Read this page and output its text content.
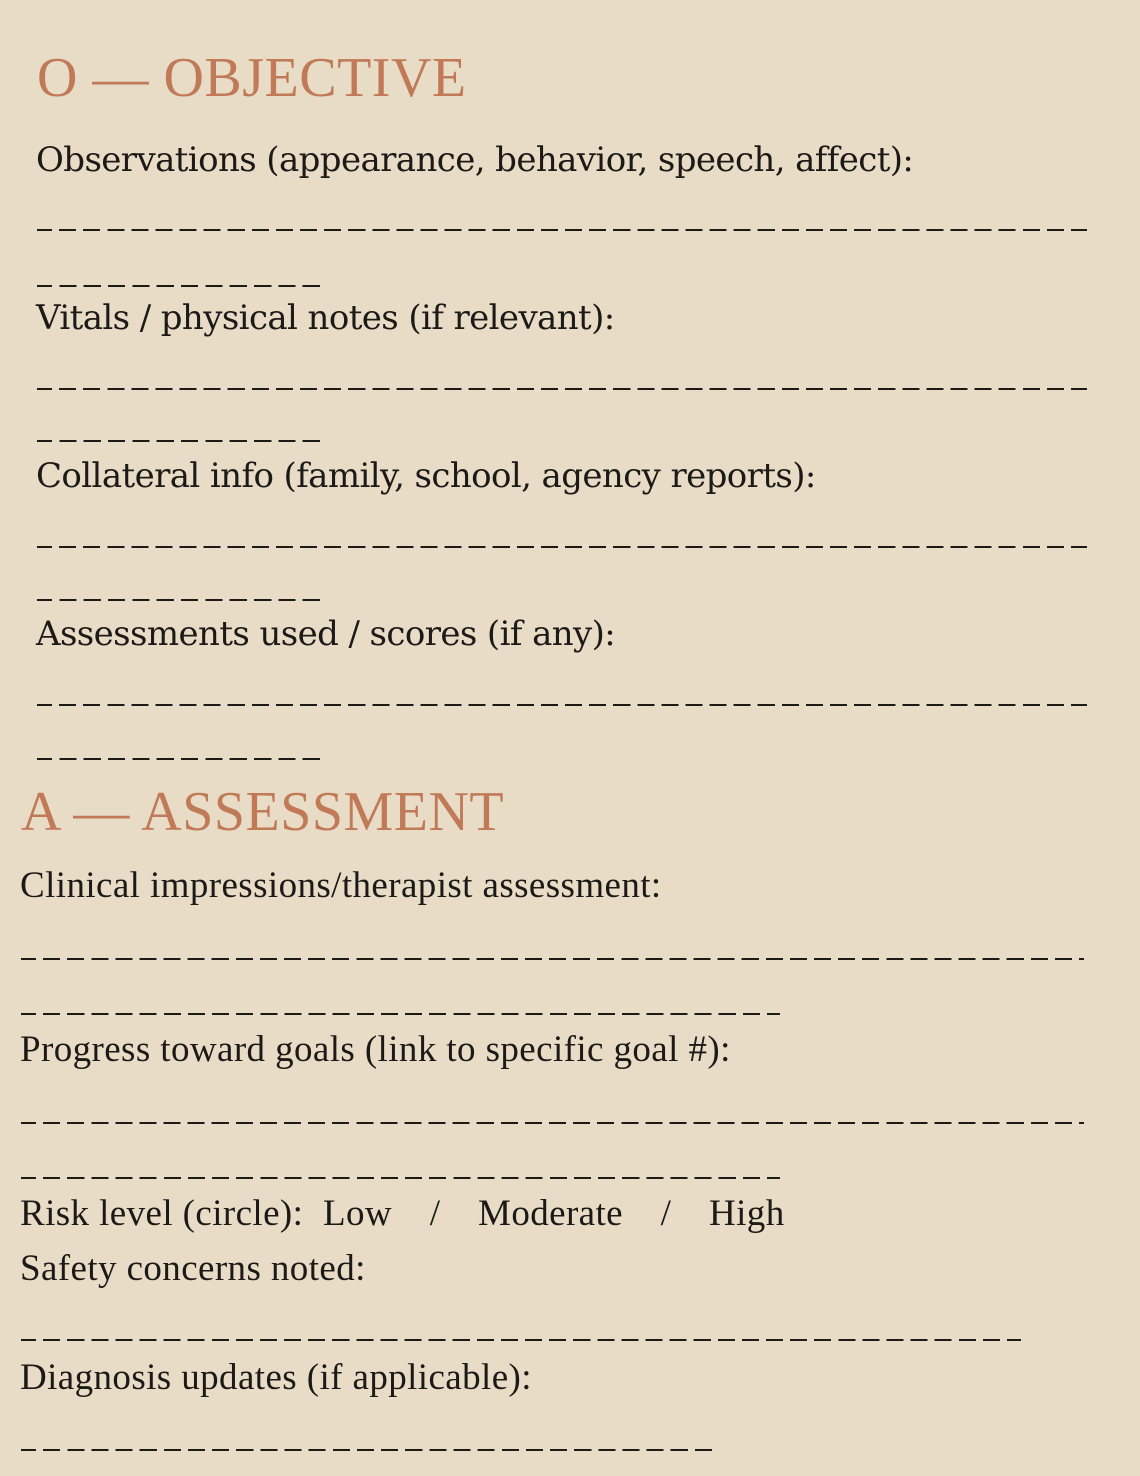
O — OBJECTIVE

Observations (appearance, behavior, speech, affect):

Vitals / physical notes (if relevant):

Collateral info (family, school, agency reports):

Assessments used / scores (if any):

A — ASSESSMENT

Clinical impressions/therapist assessment:

Progress toward goals (link to specific goal #):

Risk level (circle): Low / Moderate / High

Safety concerns noted:

Diagnosis updates (if applicable):
